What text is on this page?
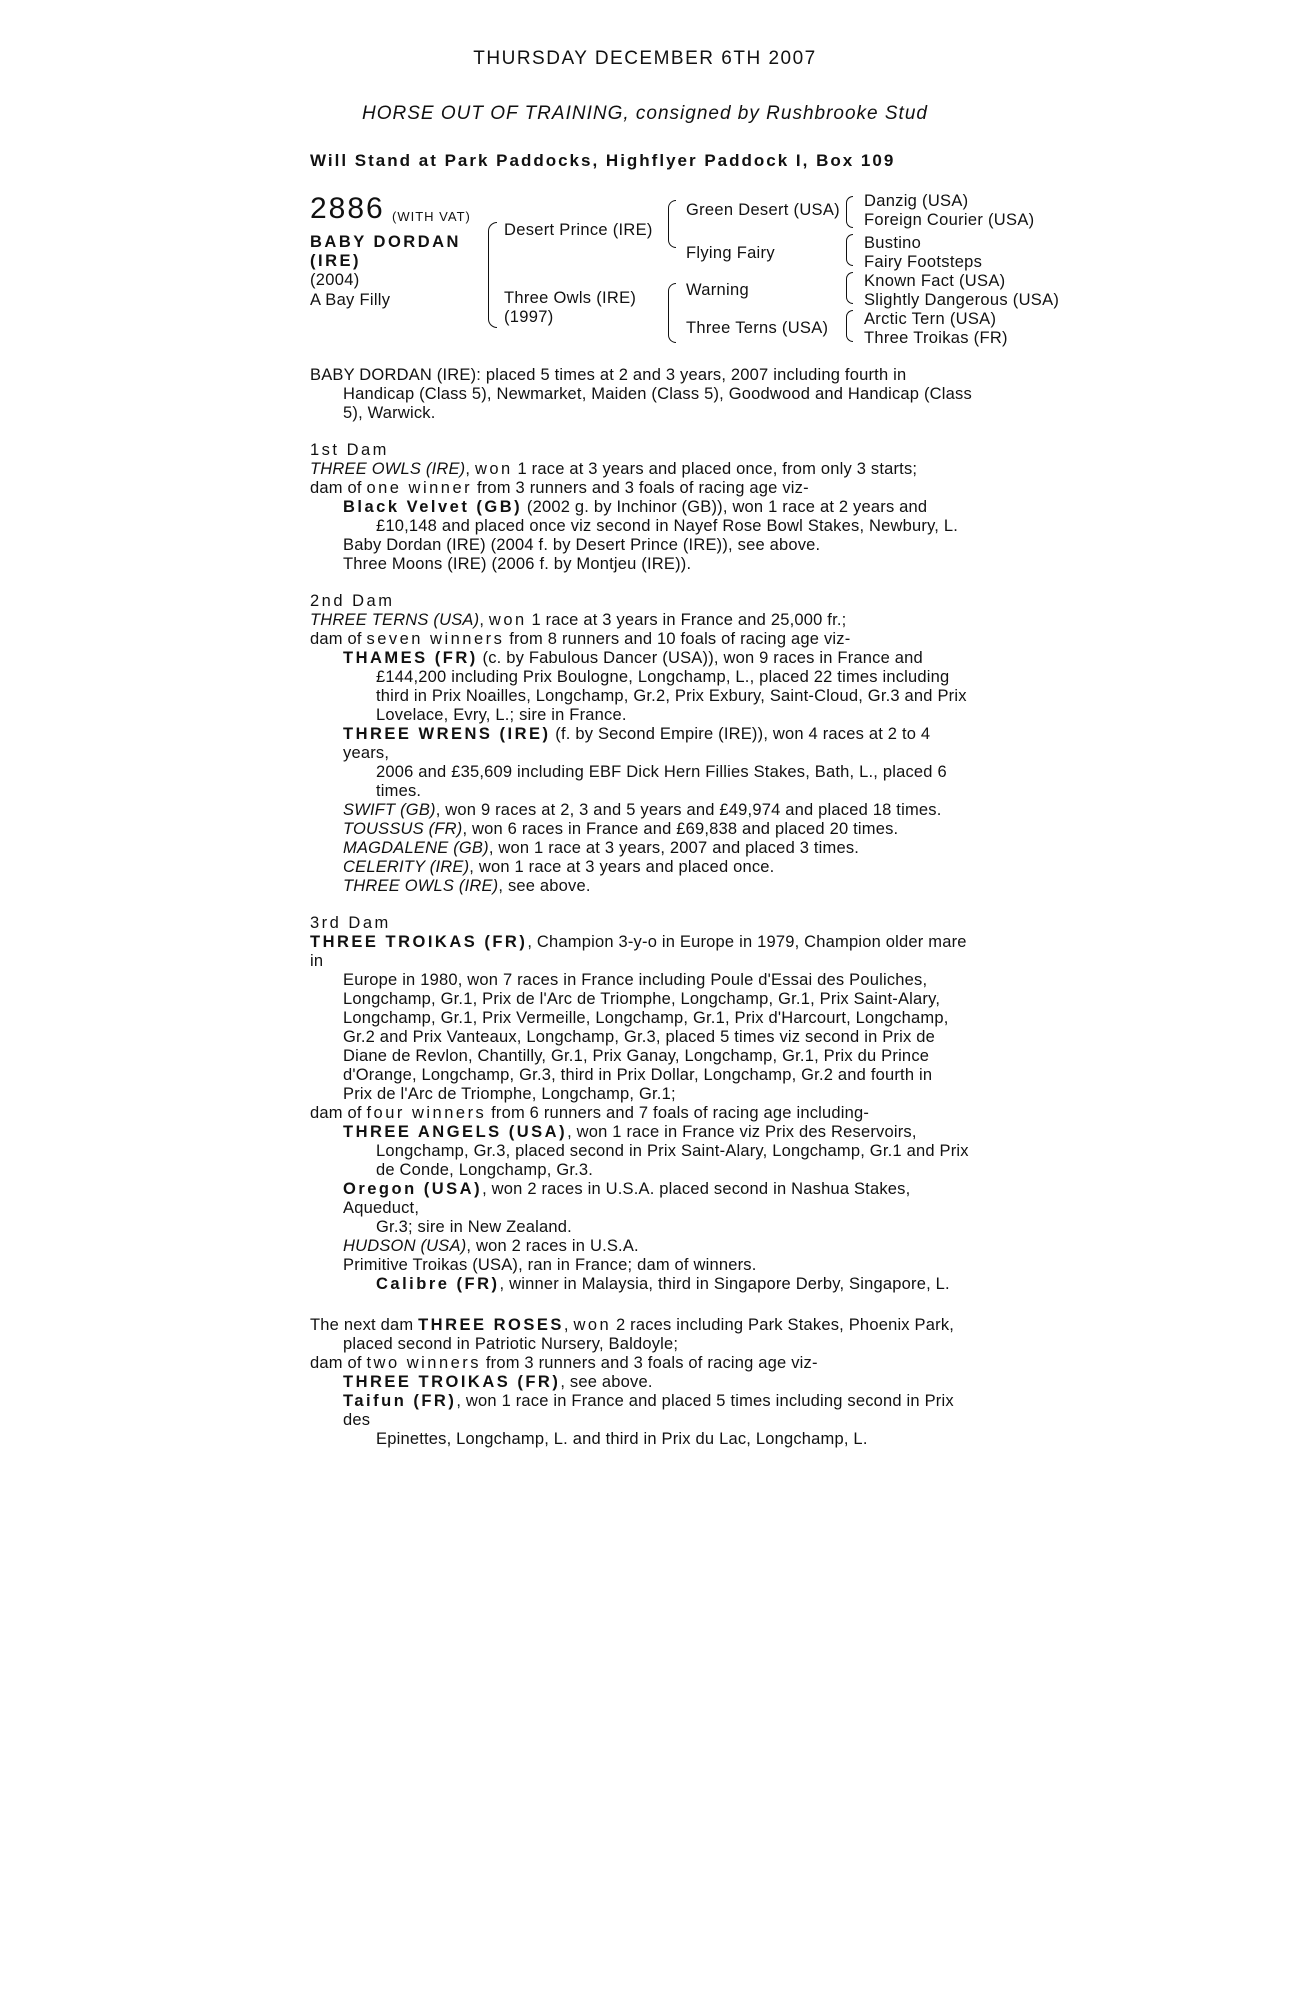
THURSDAY DECEMBER 6TH 2007
HORSE OUT OF TRAINING, consigned by Rushbrooke Stud
Will Stand at Park Paddocks, Highflyer Paddock I, Box 109
2886 (WITH VAT)
BABY DORDAN
(IRE)
(2004)
A Bay Filly
Desert Prince (IRE)
Three Owls (IRE)
(1997)
Green Desert (USA)
Flying Fairy
Warning
Three Terns (USA)
Danzig (USA)
Foreign Courier (USA)
Bustino
Fairy Footsteps
Known Fact (USA)
Slightly Dangerous (USA)
Arctic Tern (USA)
Three Troikas (FR)
BABY DORDAN (IRE): placed 5 times at 2 and 3 years, 2007 including fourth in
Handicap (Class 5), Newmarket, Maiden (Class 5), Goodwood and Handicap (Class
5), Warwick.
1st Dam
THREE OWLS (IRE), won 1 race at 3 years and placed once, from only 3 starts;
dam of one winner from 3 runners and 3 foals of racing age viz-
Black Velvet (GB) (2002 g. by Inchinor (GB)), won 1 race at 2 years and
£10,148 and placed once viz second in Nayef Rose Bowl Stakes, Newbury, L.
Baby Dordan (IRE) (2004 f. by Desert Prince (IRE)), see above.
Three Moons (IRE) (2006 f. by Montjeu (IRE)).
2nd Dam
THREE TERNS (USA), won 1 race at 3 years in France and 25,000 fr.;
dam of seven winners from 8 runners and 10 foals of racing age viz-
THAMES (FR) (c. by Fabulous Dancer (USA)), won 9 races in France and
£144,200 including Prix Boulogne, Longchamp, L., placed 22 times including
third in Prix Noailles, Longchamp, Gr.2, Prix Exbury, Saint-Cloud, Gr.3 and Prix
Lovelace, Evry, L.; sire in France.
THREE WRENS (IRE) (f. by Second Empire (IRE)), won 4 races at 2 to 4 years,
2006 and £35,609 including EBF Dick Hern Fillies Stakes, Bath, L., placed 6
times.
SWIFT (GB), won 9 races at 2, 3 and 5 years and £49,974 and placed 18 times.
TOUSSUS (FR), won 6 races in France and £69,838 and placed 20 times.
MAGDALENE (GB), won 1 race at 3 years, 2007 and placed 3 times.
CELERITY (IRE), won 1 race at 3 years and placed once.
THREE OWLS (IRE), see above.
3rd Dam
THREE TROIKAS (FR), Champion 3-y-o in Europe in 1979, Champion older mare in
Europe in 1980, won 7 races in France including Poule d'Essai des Pouliches,
Longchamp, Gr.1, Prix de l'Arc de Triomphe, Longchamp, Gr.1, Prix Saint-Alary,
Longchamp, Gr.1, Prix Vermeille, Longchamp, Gr.1, Prix d'Harcourt, Longchamp,
Gr.2 and Prix Vanteaux, Longchamp, Gr.3, placed 5 times viz second in Prix de
Diane de Revlon, Chantilly, Gr.1, Prix Ganay, Longchamp, Gr.1, Prix du Prince
d'Orange, Longchamp, Gr.3, third in Prix Dollar, Longchamp, Gr.2 and fourth in
Prix de l'Arc de Triomphe, Longchamp, Gr.1;
dam of four winners from 6 runners and 7 foals of racing age including-
THREE ANGELS (USA), won 1 race in France viz Prix des Reservoirs,
Longchamp, Gr.3, placed second in Prix Saint-Alary, Longchamp, Gr.1 and Prix
de Conde, Longchamp, Gr.3.
Oregon (USA), won 2 races in U.S.A. placed second in Nashua Stakes, Aqueduct,
Gr.3; sire in New Zealand.
HUDSON (USA), won 2 races in U.S.A.
Primitive Troikas (USA), ran in France; dam of winners.
Calibre (FR), winner in Malaysia, third in Singapore Derby, Singapore, L.
The next dam THREE ROSES, won 2 races including Park Stakes, Phoenix Park,
placed second in Patriotic Nursery, Baldoyle;
dam of two winners from 3 runners and 3 foals of racing age viz-
THREE TROIKAS (FR), see above.
Taifun (FR), won 1 race in France and placed 5 times including second in Prix des
Epinettes, Longchamp, L. and third in Prix du Lac, Longchamp, L.
